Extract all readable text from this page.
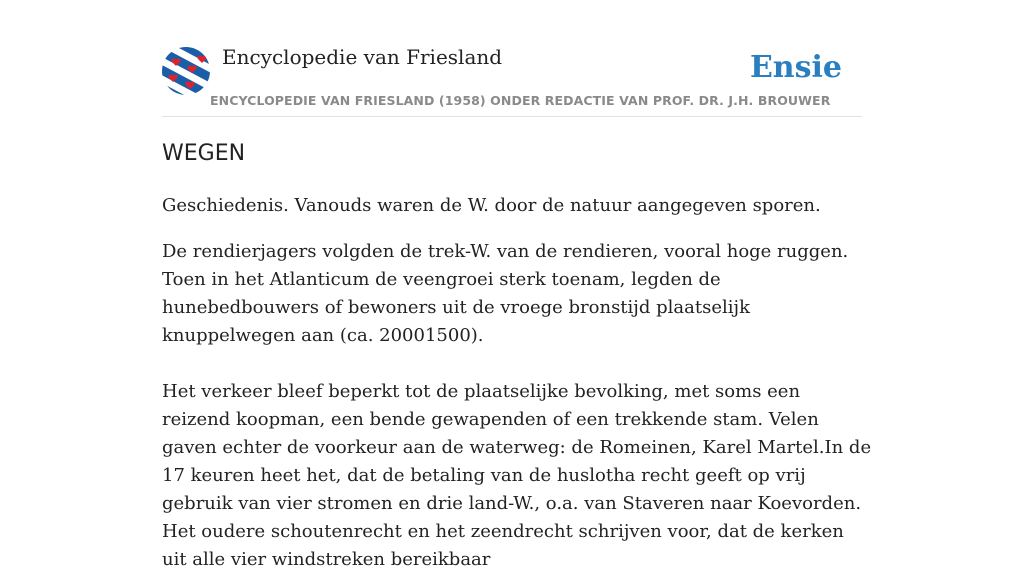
Encyclopedie van Friesland
ENCYCLOPEDIE VAN FRIESLAND (1958) ONDER REDACTIE VAN PROF. DR. J.H. BROUWER
Ensie
WEGEN

Geschiedenis. Vanouds waren de W. door de natuur aangegeven sporen.

De rendierjagers volgden de trek-W. van de rendieren, vooral hoge ruggen. Toen in het Atlanticum de veengroei sterk toenam, legden de hunebedbouwers of bewoners uit de vroege bronstijd plaatselijk knuppelwegen aan (ca. 20001500).

Het verkeer bleef beperkt tot de plaatselijke bevolking, met soms een reizend koopman, een bende gewapenden of een trekkende stam. Velen gaven echter de voorkeur aan de waterweg: de Romeinen, Karel Martel.In de 17 keuren heet het, dat de betaling van de huslotha recht geeft op vrij gebruik van vier stromen en drie land-W., o.a. van Staveren naar Koevorden. Het oudere schoutenrecht en het zeendrecht schrijven voor, dat de kerken uit alle vier windstreken bereikbaar
